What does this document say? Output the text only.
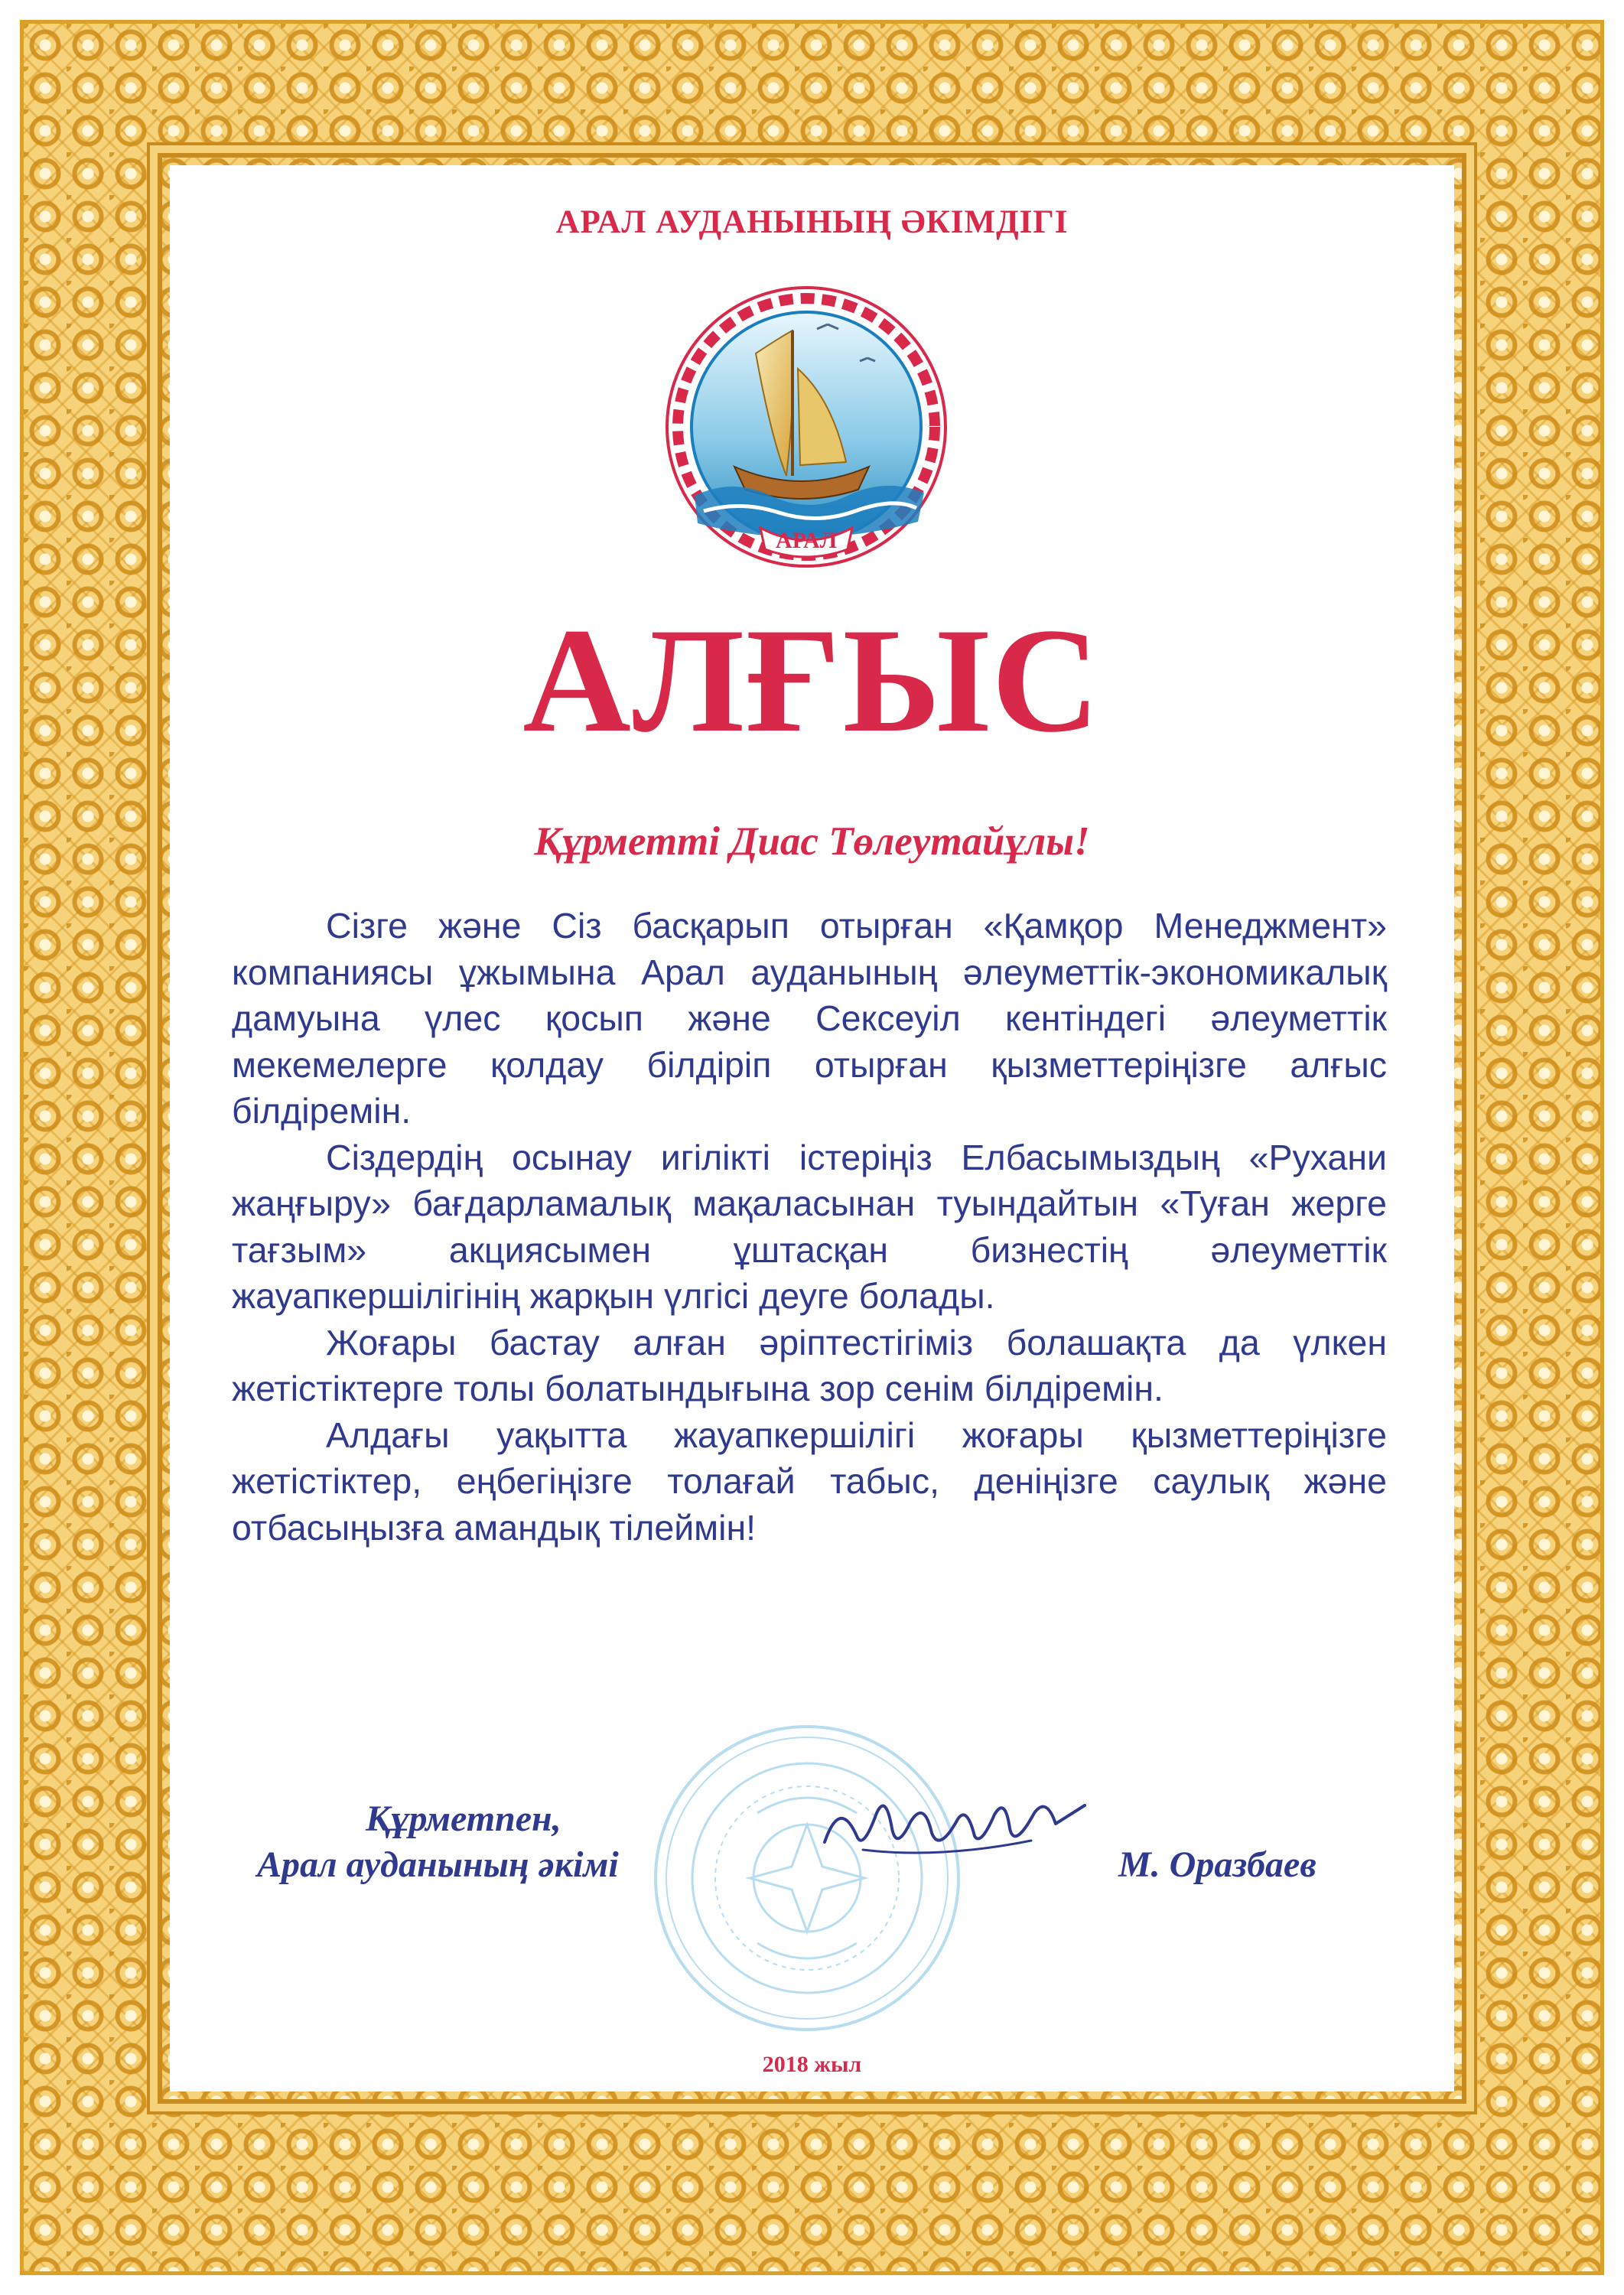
АРАЛ АУДАНЫНЫҢ ӘКІМДІГІ
АРАЛ
АЛҒЫС
Құрметті Диас Төлеутайұлы!

Сізге және Сіз басқарып отырған «Қамқор Менеджмент» компаниясы ұжымына Арал ауданының әлеуметтік-экономикалық дамуына үлес қосып және Сексеуіл кентіндегі әлеуметтік мекемелерге қолдау білдіріп отырған қызметтеріңізге алғыс білдіремін.

Сіздердің осынау игілікті істеріңіз Елбасымыздың «Рухани жаңғыру» бағдарламалық мақаласынан туындайтын «Туған жерге тағзым» акциясымен ұштасқан бизнестің әлеуметтік жауапкершілігінің жарқын үлгісі деуге болады.

Жоғары бастау алған әріптестігіміз болашақта да үлкен жетістіктерге толы болатындығына зор сенім білдіремін.

Алдағы уақытта жауапкершілігі жоғары қызметтеріңізге жетістіктер, еңбегіңізге толағай табыс, деніңізге саулық және отбасыңызға амандық тілеймін!

Құрметпен,
Арал ауданының әкімі	М. Оразбаев
2018 жыл
